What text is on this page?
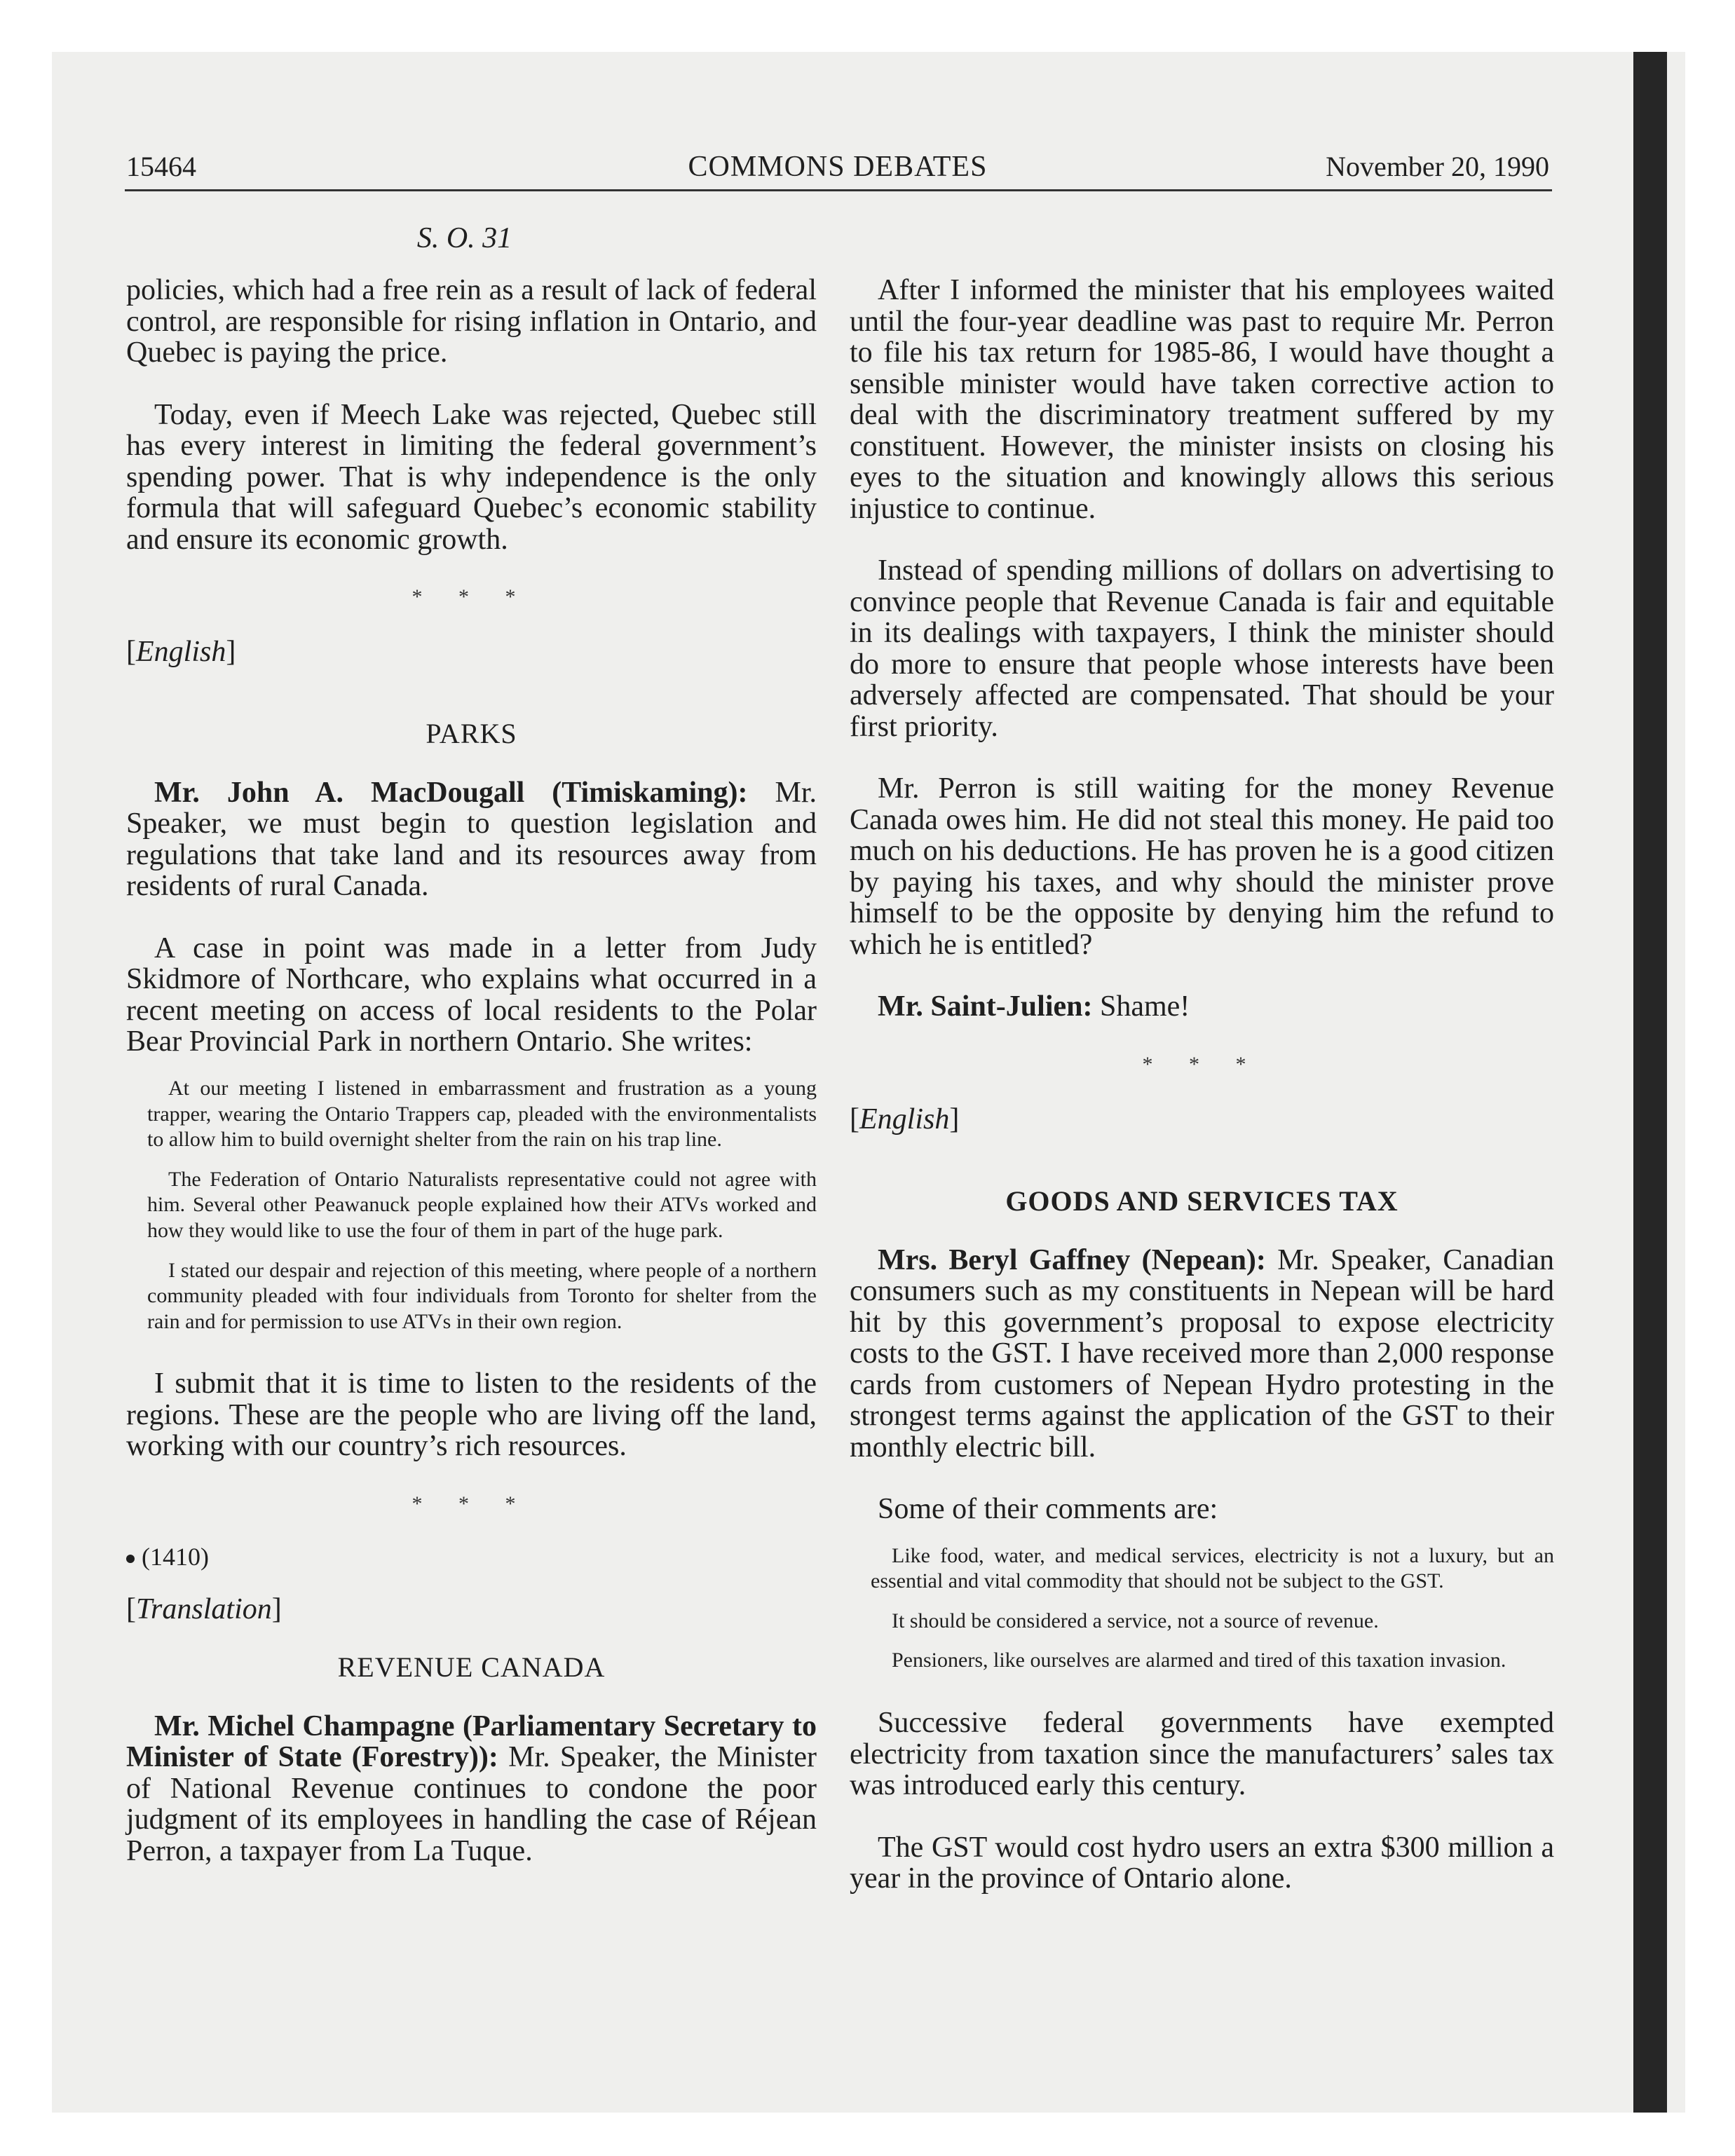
15464	COMMONS DEBATES	November 20, 1990
S. O. 31

policies, which had a free rein as a result of lack of federal control, are responsible for rising inflation in Ontario, and Quebec is paying the price.

Today, even if Meech Lake was rejected, Quebec still has every interest in limiting the federal government’s spending power. That is why independence is the only formula that will safeguard Quebec’s economic stability and ensure its economic growth.

* * *
[English]
PARKS

Mr. John A. MacDougall (Timiskaming): Mr. Speaker, we must begin to question legislation and regulations that take land and its resources away from residents of rural Canada.

A case in point was made in a letter from Judy Skidmore of Northcare, who explains what occurred in a recent meeting on access of local residents to the Polar Bear Provincial Park in northern Ontario. She writes:

At our meeting I listened in embarrassment and frustration as a young trapper, wearing the Ontario Trappers cap, pleaded with the environmentalists to allow him to build overnight shelter from the rain on his trap line.
The Federation of Ontario Naturalists representative could not agree with him. Several other Peawanuck people explained how their ATVs worked and how they would like to use the four of them in part of the huge park.
I stated our despair and rejection of this meeting, where people of a northern community pleaded with four individuals from Toronto for shelter from the rain and for permission to use ATVs in their own region.

I submit that it is time to listen to the residents of the regions. These are the people who are living off the land, working with our country’s rich resources.

* * *
(1410)
[Translation]
REVENUE CANADA

Mr. Michel Champagne (Parliamentary Secretary to Minister of State (Forestry)): Mr. Speaker, the Minister of National Revenue continues to condone the poor judgment of its employees in handling the case of Réjean Perron, a taxpayer from La Tuque.

After I informed the minister that his employees waited until the four-year deadline was past to require Mr. Perron to file his tax return for 1985-86, I would have thought a sensible minister would have taken corrective action to deal with the discriminatory treatment suffered by my constituent. However, the minister insists on closing his eyes to the situation and knowingly allows this serious injustice to continue.

Instead of spending millions of dollars on advertising to convince people that Revenue Canada is fair and equitable in its dealings with taxpayers, I think the minister should do more to ensure that people whose interests have been adversely affected are compensated. That should be your first priority.

Mr. Perron is still waiting for the money Revenue Canada owes him. He did not steal this money. He paid too much on his deductions. He has proven he is a good citizen by paying his taxes, and why should the minister prove himself to be the opposite by denying him the refund to which he is entitled?

Mr. Saint-Julien: Shame!

* * *
[English]
GOODS AND SERVICES TAX

Mrs. Beryl Gaffney (Nepean): Mr. Speaker, Canadian consumers such as my constituents in Nepean will be hard hit by this government’s proposal to expose electricity costs to the GST. I have received more than 2,000 response cards from customers of Nepean Hydro protesting in the strongest terms against the application of the GST to their monthly electric bill.

Some of their comments are:

Like food, water, and medical services, electricity is not a luxury, but an essential and vital commodity that should not be subject to the GST.
It should be considered a service, not a source of revenue.
Pensioners, like ourselves are alarmed and tired of this taxation invasion.

Successive federal governments have exempted electricity from taxation since the manufacturers’ sales tax was introduced early this century.

The GST would cost hydro users an extra $300 million a year in the province of Ontario alone.
